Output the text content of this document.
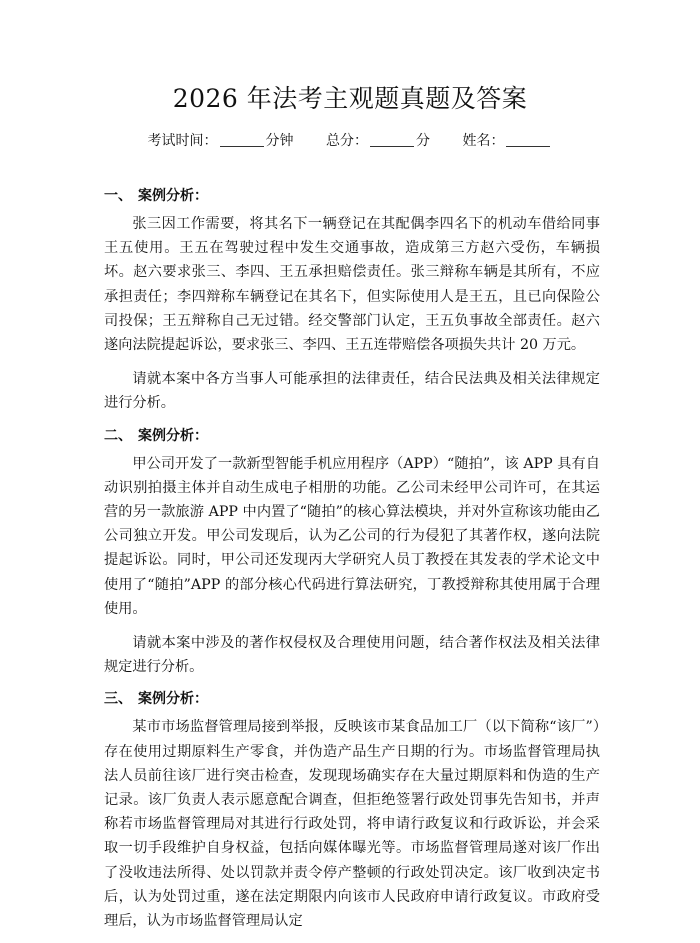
2026 年法考主观题真题及答案
考试时间：	分钟 总分：	分 姓名：
一、 案例分析：

张三因工作需要，将其名下一辆登记在其配偶李四名下的机动车借给同事王五使用。王五在驾驶过程中发生交通事故，造成第三方赵六受伤，车辆损坏。赵六要求张三、李四、王五承担赔偿责任。张三辩称车辆是其所有，不应承担责任；李四辩称车辆登记在其名下，但实际使用人是王五，且已向保险公司投保；王五辩称自己无过错。经交警部门认定，王五负事故全部责任。赵六遂向法院提起诉讼，要求张三、李四、王五连带赔偿各项损失共计 20 万元。

请就本案中各方当事人可能承担的法律责任，结合民法典及相关法律规定进行分析。

二、 案例分析：

甲公司开发了一款新型智能手机应用程序（APP）“随拍”，该 APP 具有自动识别拍摄主体并自动生成电子相册的功能。乙公司未经甲公司许可，在其运营的另一款旅游 APP 中内置了“随拍”的核心算法模块，并对外宣称该功能由乙公司独立开发。甲公司发现后，认为乙公司的行为侵犯了其著作权，遂向法院提起诉讼。同时，甲公司还发现丙大学研究人员丁教授在其发表的学术论文中使用了“随拍”APP 的部分核心代码进行算法研究，丁教授辩称其使用属于合理使用。

请就本案中涉及的著作权侵权及合理使用问题，结合著作权法及相关法律规定进行分析。

三、 案例分析：

某市市场监督管理局接到举报，反映该市某食品加工厂（以下简称“该厂”）存在使用过期原料生产零食，并伪造产品生产日期的行为。市场监督管理局执法人员前往该厂进行突击检查，发现现场确实存在大量过期原料和伪造的生产记录。该厂负责人表示愿意配合调查，但拒绝签署行政处罚事先告知书，并声称若市场监督管理局对其进行行政处罚，将申请行政复议和行政诉讼，并会采取一切手段维护自身权益，包括向媒体曝光等。市场监督管理局遂对该厂作出了没收违法所得、处以罚款并责令停产整顿的行政处罚决定。该厂收到决定书后，认为处罚过重，遂在法定期限内向该市人民政府申请行政复议。市政府受理后，认为市场监督管理局认定
